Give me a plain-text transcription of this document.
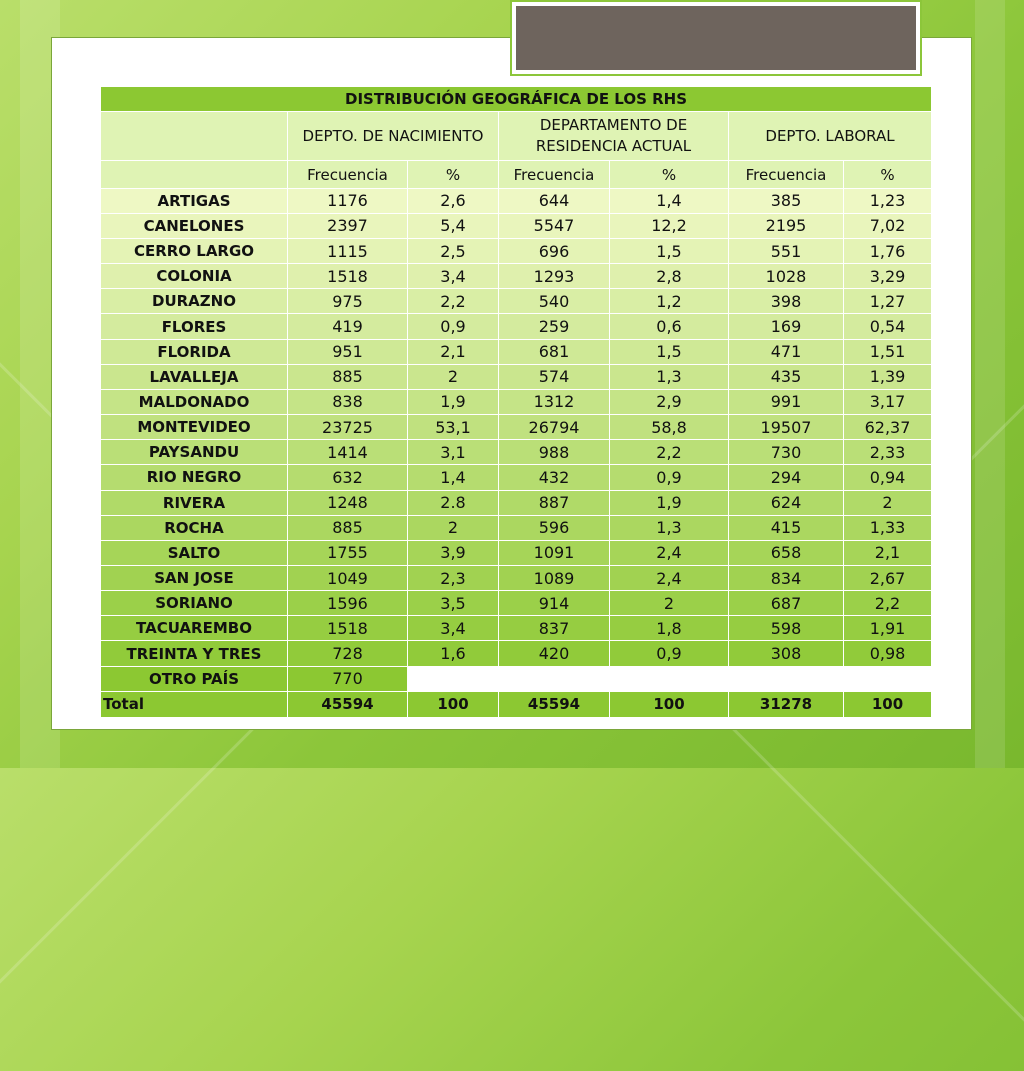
DISTRIBUCIÓN GEOGRÁFICA DE LOS RHS						
	DEPTO. DE NACIMIENTO		DEPARTAMENTO DE RESIDENCIA ACTUAL		DEPTO. LABORAL	
	Frecuencia	%	Frecuencia	%	Frecuencia	%
ARTIGAS	1176	2,6	644	1,4	385	1,23
CANELONES	2397	5,4	5547	12,2	2195	7,02
CERRO LARGO	1115	2,5	696	1,5	551	1,76
COLONIA	1518	3,4	1293	2,8	1028	3,29
DURAZNO	975	2,2	540	1,2	398	1,27
FLORES	419	0,9	259	0,6	169	0,54
FLORIDA	951	2,1	681	1,5	471	1,51
LAVALLEJA	885	2	574	1,3	435	1,39
MALDONADO	838	1,9	1312	2,9	991	3,17
MONTEVIDEO	23725	53,1	26794	58,8	19507	62,37
PAYSANDU	1414	3,1	988	2,2	730	2,33
RIO NEGRO	632	1,4	432	0,9	294	0,94
RIVERA	1248	2.8	887	1,9	624	2
ROCHA	885	2	596	1,3	415	1,33
SALTO	1755	3,9	1091	2,4	658	2,1
SAN JOSE	1049	2,3	1089	2,4	834	2,67
SORIANO	1596	3,5	914	2	687	2,2
TACUAREMBO	1518	3,4	837	1,8	598	1,91
TREINTA Y TRES	728	1,6	420	0,9	308	0,98
OTRO PAÍS	770					
Total	45594	100	45594	100	31278	100
